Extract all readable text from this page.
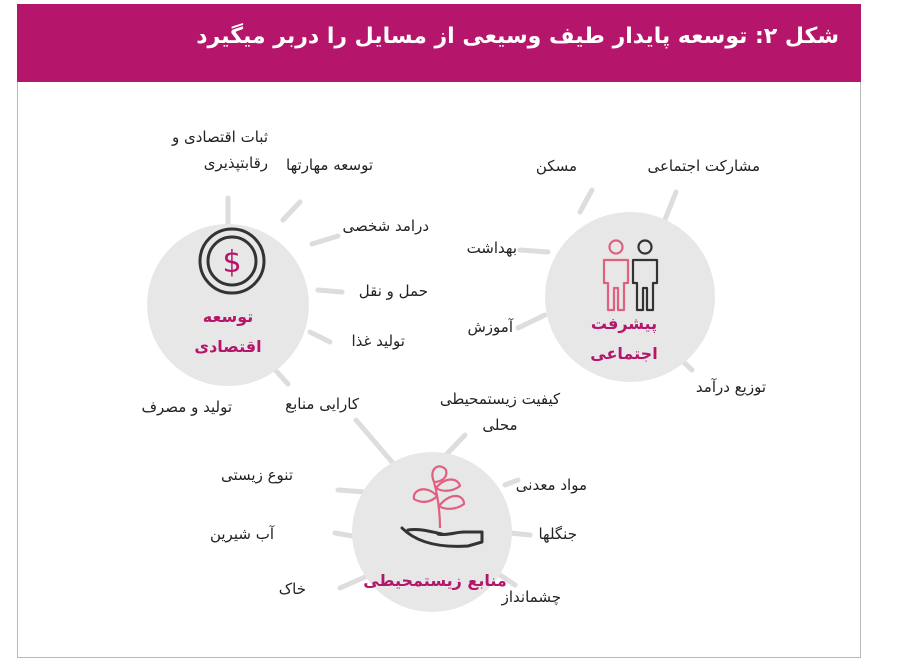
شکل ۲: توسعه پایدار طیف وسیعی از مسایل را دربر میگیرد
$
توسعه اقتصادی
ثبات اقتصادی و رقابتپذیری توسعه مهارتها
درامد شخصی
حمل و نقل
تولید غذا
کارایی منابع
تولید و مصرف
پیشرفت اجتماعی
مشارکت اجتماعی
مسکن
بهداشت
آموزش
توزیع درآمد
منابع زیستمحیطی
کیفیت زیستمحیطی محلی
مواد معدنی
جنگلها
چشمانداز
خاک
آب شیرین
تنوع زیستی
